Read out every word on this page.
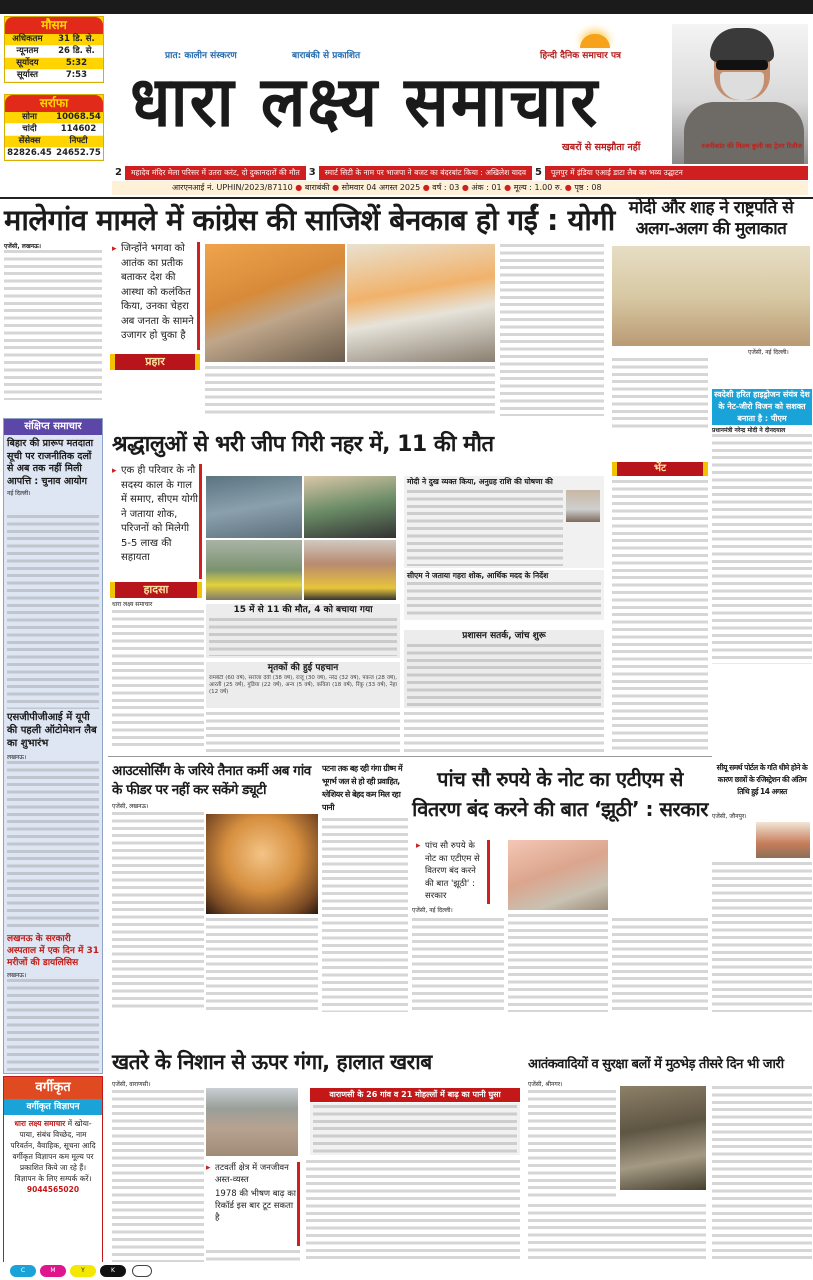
मौसम
अधिकतम	31 डि. से.
न्यूनतम	26 डि. से.
सूर्योदय	5:32
सूर्यास्त	7:53
सर्राफा
सोना	10068.54
चांदी	114602
सेंसेक्स	निफ्टी
82826.45	24652.75
प्रात: कालीन संस्करण	बाराबंकी से प्रकाशित	हिन्दी दैनिक समाचार पत्र
धारा लक्ष्य समाचार
खबरों से समझौता नहीं	रजनीकांत की फिल्म कुली का ट्रेलर रिलीज
2	महादेव मंदिर मेला परिसर में उतरा करंट, दो दुकानदारों की मौत 3	स्मार्ट सिटी के नाम पर भाजपा ने बजट का बंदरबांट किया : अखिलेश यादव 5	पूलपुर में इंडिया एआई डाटा लैब का भव्य उद्घाटन
आरएनआई नं. UPHIN/2023/87110 ● बाराबंकी ● सोमवार 04 अगस्त 2025 ● वर्ष : 03 ● अंक : 01 ● मूल्य : 1.00 रु. ● पृष्ठ : 08
मालेगांव मामले में कांग्रेस की साजिशें बेनकाब हो गईं : योगी मोदी और शाह ने राष्ट्रपति से अलग-अलग की मुलाकात
एजेंसी, लखनऊ।	▸ जिन्होंने भगवा को आतंक का प्रतीक बताकर देश की आस्था को कलंकित किया, उनका चेहरा अब जनता के सामने उजागर हो चुका है
प्रहार
एजेंसी, नई दिल्ली।
भेंट
स्वदेशी हरित हाइड्रोजन संयंत्र देश के नेट-जीरो विजन को सशक्त बनाता है : पीएम
प्रधानमंत्री नरेन्द्र मोदी ने दीनदयाल
संक्षिप्त समाचार
बिहार की प्रारूप मतदाता सूची पर राजनीतिक दलों से अब तक नहीं मिली आपत्ति : चुनाव आयोग
नई दिल्ली।
एसजीपीजीआई में यूपी की पहली ऑटोमेशन लैब का शुभारंभ
लखनऊ।
लखनऊ के सरकारी अस्पताल में एक दिन में 31 मरीजों की डायलिसिस
लखनऊ।
श्रद्धालुओं से भरी जीप गिरी नहर में, 11 की मौत
▸ एक ही परिवार के नौ सदस्य काल के गाल में समाए, सीएम योगी ने जताया शोक, परिजनों को मिलेगी 5-5 लाख की सहायता
हादसा
धारा लक्ष्य समाचार
15 में से 11 की मौत, 4 को बचाया गया
मृतकों की हुई पहचान
रामबेटी (60 वर्ष), सरोजा देवी (38 वर्ष), राजू (30 वर्ष), नरेंद्र (32 वर्ष), पंकज (28 वर्ष), आरती (25 वर्ष), गुडिया (22 वर्ष), अन्य (5 वर्ष), कविता (18 वर्ष), रिंकू (33 वर्ष), नेहा (12 वर्ष)
मोदी ने दुख व्यक्त किया, अनुग्रह राशि की घोषणा की
सीएम ने जताया गहरा शोक, आर्थिक मदद के निर्देश
प्रशासन सतर्क, जांच शुरू
आउटसोर्सिंग के जरिये तैनात कर्मी अब गांव के फीडर पर नहीं कर सकेंगे ड्यूटी
एजेंसी, लखनऊ।
पटना तक बह रही गंगा ग्रीष्म में भूगर्भ जल से हो रही प्रवाहित, ग्लेशियर से बेहद कम मिल रहा पानी
पांच सौ रुपये के नोट का एटीएम से वितरण बंद करने की बात ‘झूठी’ : सरकार
▸ पांच सौ रुपये के नोट का एटीएम से वितरण बंद करने की बात 'झूठी' : सरकार
एजेंसी, नई दिल्ली।
सीयू समर्थ पोर्टल के गति धीमे होने के कारण छात्रों के रजिस्ट्रेशन की अंतिम तिथि हुई 14 अगस्त
एजेंसी, जौनपुर।
खतरे के निशान से ऊपर गंगा, हालात खराब
एजेंसी, वाराणसी।
▸ तटवर्ती क्षेत्र में जनजीवन अस्त-व्यस्त
1978 की भीषण बाढ़ का रिकॉर्ड इस बार टूट सकता है
वाराणसी के 26 गांव व 21 मोहल्लों में बाढ़ का पानी घुसा
आतंकवादियों व सुरक्षा बलों में मुठभेड़ तीसरे दिन भी जारी
एजेंसी, श्रीनगर।
वर्गीकृत
वर्गीकृत विज्ञापन
धारा लक्ष्य समाचार में खोया-पाया, संबंध विच्छेद, नाम परिवर्तन, वैवाहिक, सूचना आदि वर्गीकृत विज्ञापन कम मूल्य पर प्रकाशित किये जा रहे हैं।
विज्ञापन के लिए सम्पर्क करें।
9044565020
C	M	Y	K
